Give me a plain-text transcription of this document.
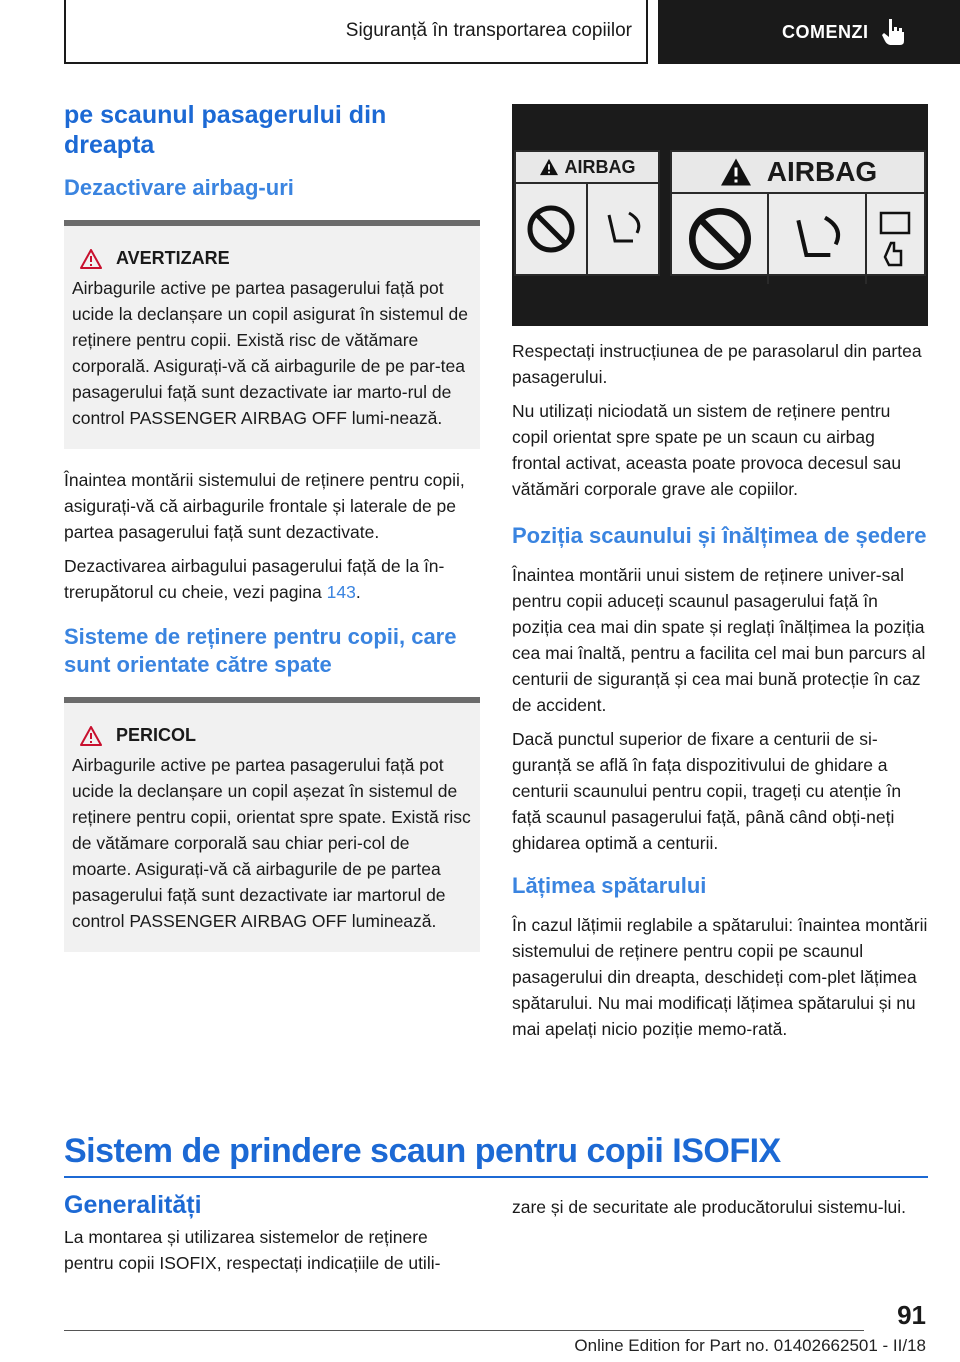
Siguranță în transportarea copiilor	COMENZI
pe scaunul pasagerului din dreapta
Dezactivare airbag-uri
AVERTIZARE

Airbagurile active pe partea pasagerului față pot ucide la declanșare un copil asigurat în sistemul de reținere pentru copii. Există risc de vătămare corporală. Asigurați-vă că airbagurile de pe par-tea pasagerului față sunt dezactivate iar marto-rul de control PASSENGER AIRBAG OFF lumi-nează.

Înaintea montării sistemului de reținere pentru copii, asigurați-vă că airbagurile frontale și laterale de pe partea pasagerului față sunt dezactivate.

Dezactivarea airbagului pasagerului față de la în-trerupătorul cu cheie, vezi pagina 143.

Sisteme de reținere pentru copii, care sunt orientate către spate
PERICOL

Airbagurile active pe partea pasagerului față pot ucide la declanșare un copil așezat în sistemul de reținere pentru copii, orientat spre spate. Există risc de vătămare corporală sau chiar peri-col de moarte. Asigurați-vă că airbagurile de pe partea pasagerului față sunt dezactivate iar martorul de control PASSENGER AIRBAG OFF luminează.

AIRBAG	AIRBAG

Respectați instrucțiunea de pe parasolarul din partea pasagerului.

Nu utilizați niciodată un sistem de reținere pentru copil orientat spre spate pe un scaun cu airbag frontal activat, aceasta poate provoca decesul sau vătămări corporale grave ale copiilor.

Poziția scaunului și înălțimea de ședere

Înaintea montării unui sistem de reținere univer-sal pentru copii aduceți scaunul pasagerului față în poziția cea mai din spate și reglați înălțimea la poziția cea mai înaltă, pentru a facilita cel mai bun parcurs al centurii de siguranță și cea mai bună protecție în caz de accident.

Dacă punctul superior de fixare a centurii de si-guranță se află în fața dispozitivului de ghidare a centurii scaunului pentru copii, trageți cu atenție în față scaunul pasagerului față, până când obți-neți ghidarea optimă a centurii.

Lățimea spătarului

În cazul lățimii reglabile a spătarului: înaintea montării sistemului de reținere pentru copii pe scaunul pasagerului din dreapta, deschideți com-plet lățimea spătarului. Nu mai modificați lățimea spătarului și nu mai apelați nicio poziție memo-rată.

Sistem de prindere scaun pentru copii ISOFIX
Generalități

La montarea și utilizarea sistemelor de reținere pentru copii ISOFIX, respectați indicațiile de utili-

zare și de securitate ale producătorului sistemu-lui.

91
Online Edition for Part no. 01402662501 - II/18
